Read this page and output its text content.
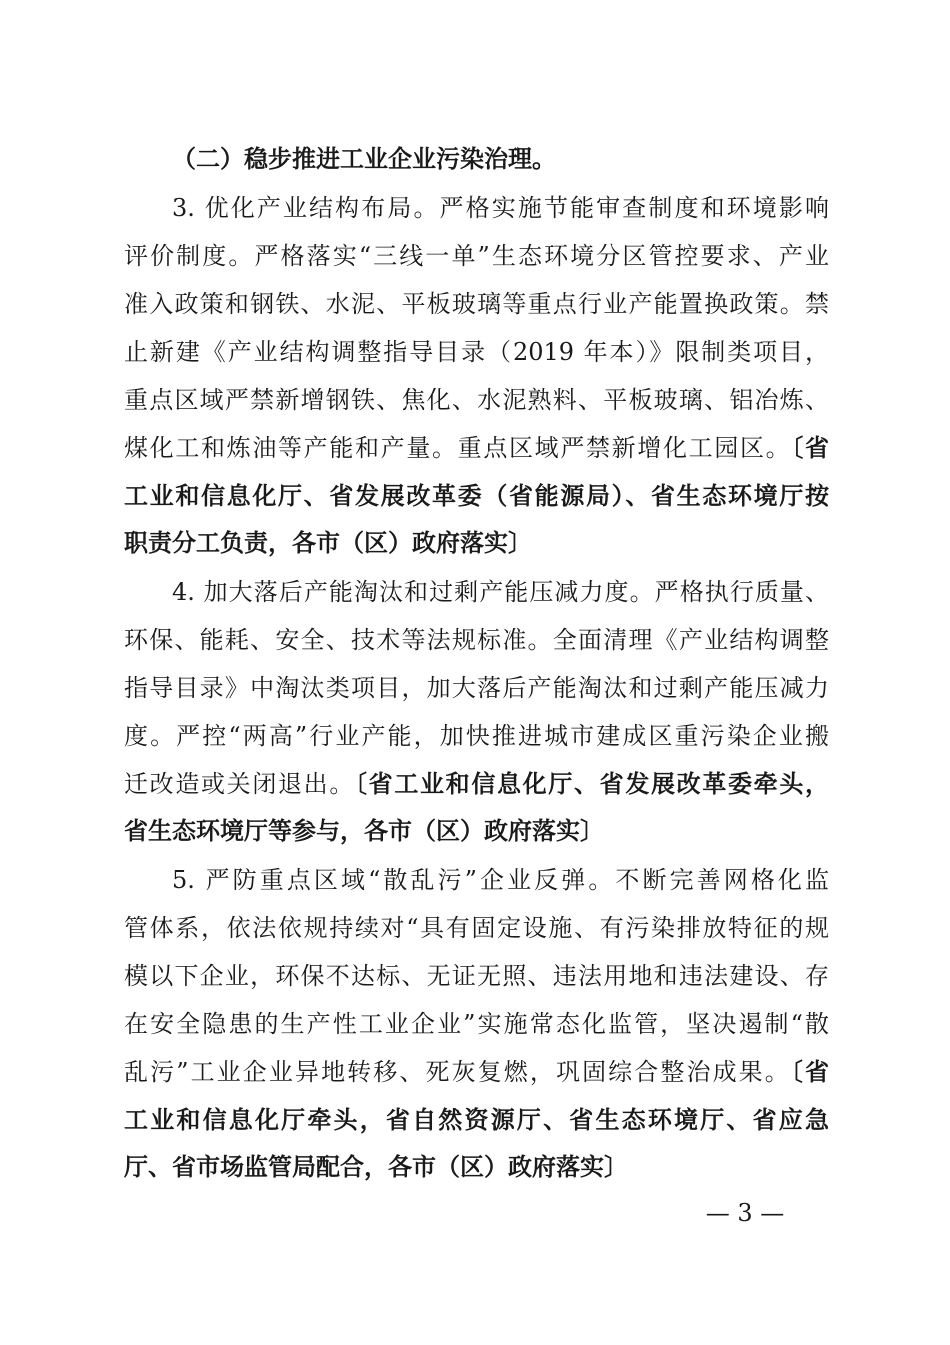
（二）稳步推进工业企业污染治理。
3. 优化产业结构布局。严格实施节能审查制度和环境影响
评价制度。严格落实“三线一单”生态环境分区管控要求、产业
准入政策和钢铁、水泥、平板玻璃等重点行业产能置换政策。禁
止新建《产业结构调整指导目录（2019 年本）》限制类项目，
重点区域严禁新增钢铁、焦化、水泥熟料、平板玻璃、铝冶炼、
煤化工和炼油等产能和产量。重点区域严禁新增化工园区。〔省
工业和信息化厅、省发展改革委（省能源局）、省生态环境厅按
职责分工负责，各市（区）政府落实〕
4. 加大落后产能淘汰和过剩产能压减力度。严格执行质量、
环保、能耗、安全、技术等法规标准。全面清理《产业结构调整
指导目录》中淘汰类项目，加大落后产能淘汰和过剩产能压减力
度。严控“两高”行业产能，加快推进城市建成区重污染企业搬
迁改造或关闭退出。〔省工业和信息化厅、省发展改革委牵头，
省生态环境厅等参与，各市（区）政府落实〕
5. 严防重点区域“散乱污”企业反弹。不断完善网格化监
管体系，依法依规持续对“具有固定设施、有污染排放特征的规
模以下企业，环保不达标、无证无照、违法用地和违法建设、存
在安全隐患的生产性工业企业”实施常态化监管，坚决遏制“散
乱污”工业企业异地转移、死灰复燃，巩固综合整治成果。〔省
工业和信息化厅牵头，省自然资源厅、省生态环境厅、省应急
厅、省市场监管局配合，各市（区）政府落实〕
— 3 —
